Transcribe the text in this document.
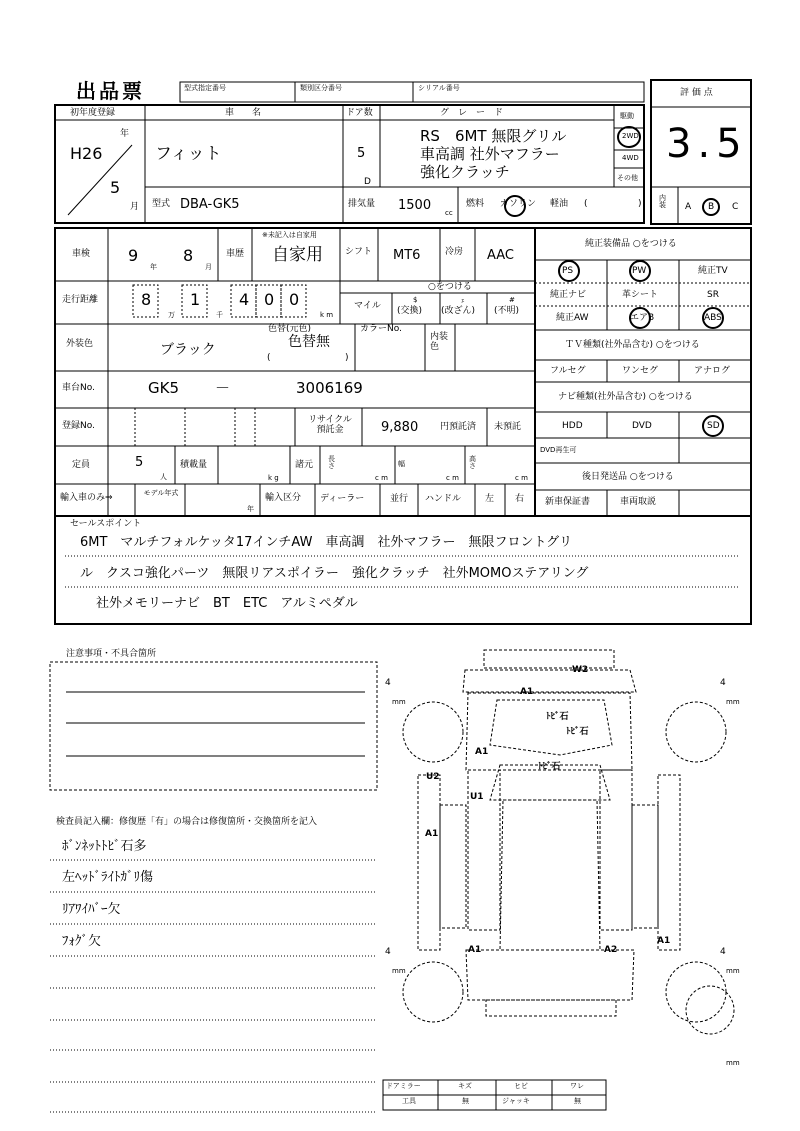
出品票	型式指定番号	類別区分番号	シリアル番号
初年度登録
H26
年
5
月
車　　名
フィット
ドア数
5
D
グ　レ　ー　ド
RS　6MT 無限グリル
車高調 社外マフラー
強化クラッチ
駆動
2WD
4WD
その他
評 価 点
3.5
型式 DBA-GK5	排気量 1500 cc
燃料 ガソリン 軽油 (	)
内装 A B C
車検 9
年
8
月
車歴
※未記入は自家用
自家用 シフト MT6	冷房 AAC
走行距離	8
万
1
千
4 0 0
k m
○をつける
マイル
$
(交換)
ｪ
(改ざん)
#
(不明)
外装色	ブラック
色替(元色)
色替無
(	)
カラーNo.
内装色
車台No.	GK5 －	3006169
登録No.
リサイクル預託金	9,880 円預託済 未預託
定員	5
人
積載量
k g
諸元
長さ
c m
幅
c m
高さ
c m
輸入車のみ⇒	モデル年式
年
輸入区分 ディーラー	並行 ハンドル	左 右
純正装備品 ○をつける
PS	PW	純正TV
純正ナビ	革シート	SR
純正AW	エアB	ABS
ＴＶ種類(社外品含む) ○をつける
フルセグ	ワンセグ	アナログ
ナビ種類(社外品含む) ○をつける
HDD	DVD	SD
DVD再生可
後日発送品 ○をつける
新車保証書	車両取説
セールスポイント
6MT　マルチフォルケッタ17インチAW　車高調　社外マフラー　無限フロントグリ
ル　クスコ強化パーツ　無限リアスポイラー　強化クラッチ　社外MOMOステアリング
社外メモリーナビ　BT　ETC　アルミペダル
注意事項・不具合箇所
検査員記入欄：修復歴「有」の場合は修復箇所・交換箇所を記入
ﾎﾞﾝﾈｯﾄﾄﾋﾞ石多
左ﾍｯﾄﾞﾗｲﾄｶﾞﾘ傷
ﾘｱﾜｲﾊﾞｰ欠
ﾌｫｸﾞ欠
W2
A1
ﾄﾋﾞ石
ﾄﾋﾞ石
A1
ﾄﾋﾞ石
U2
U1
A1
A1	A2
A1
4
mm
4
mm
4
mm
4
mm
mm
ドアミラー	キズ	ヒビ	ワレ
工具	無	ジャッキ	無
